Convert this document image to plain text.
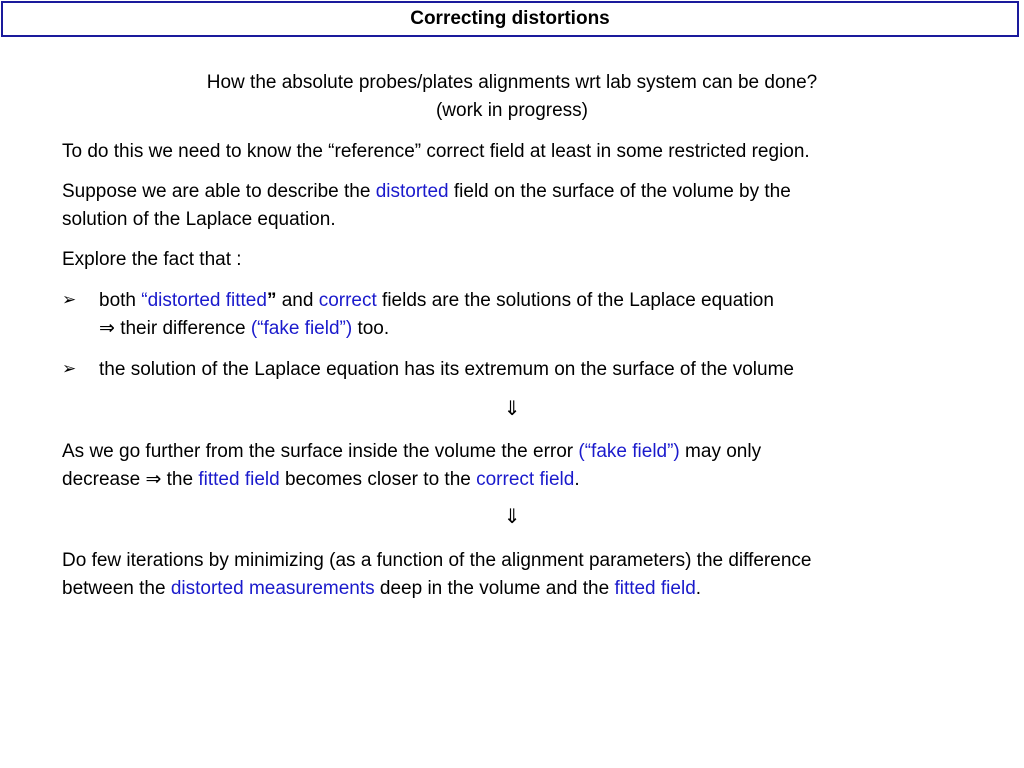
Correcting distortions
How the absolute probes/plates alignments wrt lab system can be done?
(work in progress)
To do this we need to know the “reference” correct field at least in some restricted region.
Suppose we are able to describe the distorted field on the surface of the volume by the
solution of the Laplace equation.
Explore the fact that :
➢ both “distorted fitted” and correct fields are the solutions of the Laplace equation
⇒ their difference (“fake field”) too.
➢ the solution of the Laplace equation has its extremum on the surface of the volume
⇓
As we go further from the surface inside the volume the error (“fake field”) may only
decrease ⇒ the fitted field becomes closer to the correct field.
⇓
Do few iterations by minimizing (as a function of the alignment parameters) the difference
between the distorted measurements deep in the volume and the fitted field.
